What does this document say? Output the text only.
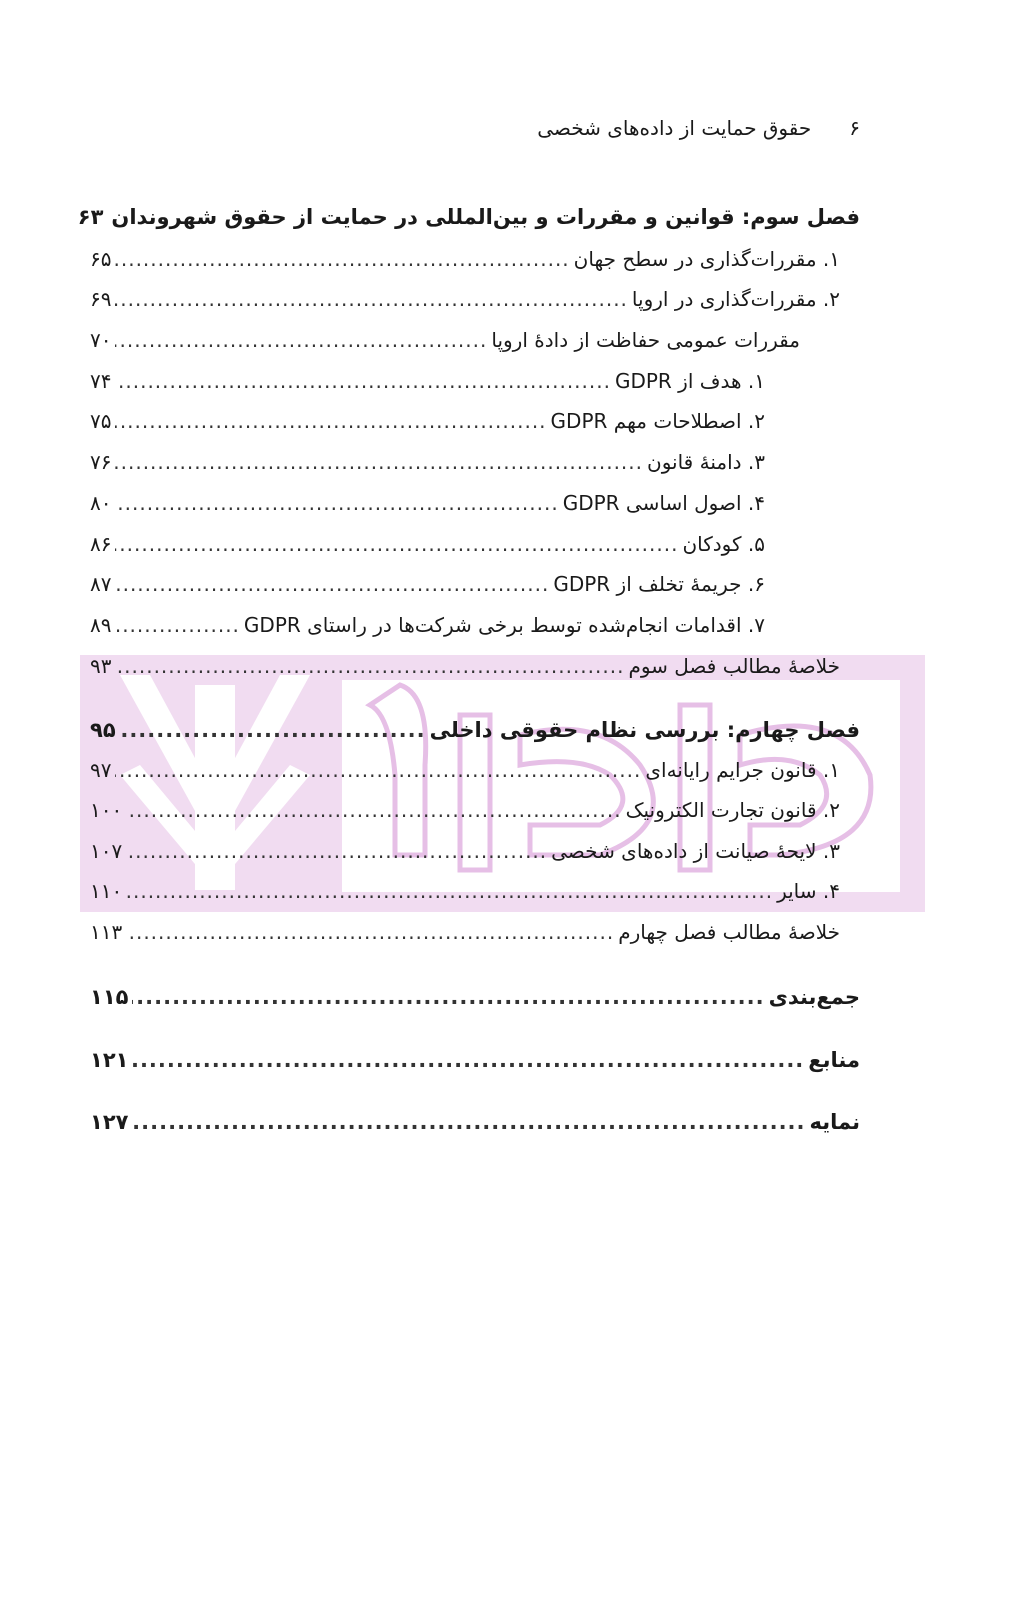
۶
حقوق حمایت از داده‌های شخصی
فصل سوم: قوانین و مقررات و بین‌المللی در حمایت از حقوق شهروندان
۶۳
۱. مقررات‌گذاری در سطح جهان
.....
۶۵
۲. مقررات‌گذاری در اروپا
.....
۶۹
مقررات عمومی حفاظت از دادهٔ اروپا
.....
۷۰
۱. هدف از GDPR
.....
۷۴
۲. اصطلاحات مهم GDPR
.....
۷۵
۳. دامنهٔ قانون
.....
۷۶
۴. اصول اساسی GDPR
.....
۸۰
۵. کودکان
.....
۸۶
۶. جریمهٔ تخلف از GDPR
.....
۸۷
۷. اقدامات انجام‌شده توسط برخی شرکت‌ها در راستای GDPR
.....
۸۹
خلاصهٔ مطالب فصل سوم
.....
۹۳
فصل چهارم: بررسی نظام حقوقی داخلی
.....
۹۵
۱. قانون جرایم رایانه‌ای
.....
۹۷
۲. قانون تجارت الکترونیک
.....
۱۰۰
۳. لایحهٔ صیانت از داده‌های شخصی
.....
۱۰۷
۴. سایر
.....
۱۱۰
خلاصهٔ مطالب فصل چهارم
.....
۱۱۳
جمع‌بندی
.....
۱۱۵
منابع
.....
۱۲۱
نمایه
.....
۱۲۷
